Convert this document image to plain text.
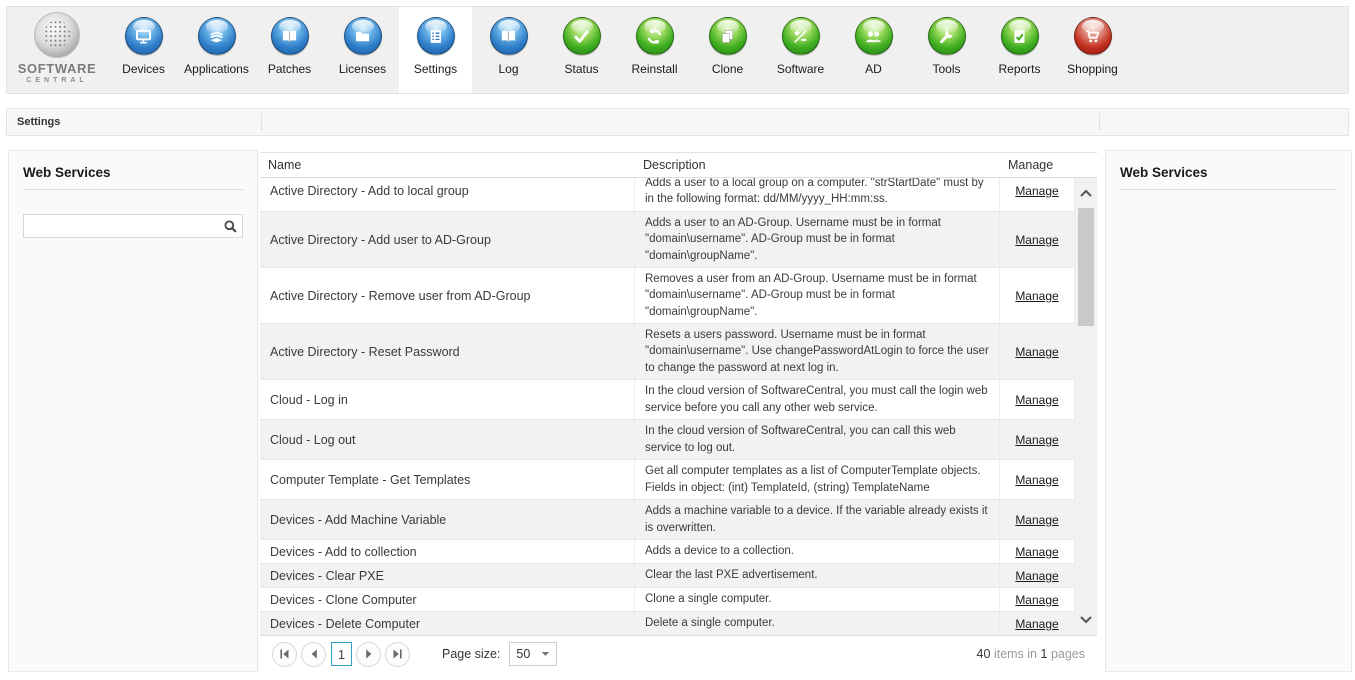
SOFTWARE
CENTRAL
Devices Applications Patches Licenses Settings	Log	Status	Reinstall	Clone	Software	AD	Tools	Reports Shopping
Settings
Web Services	Name	Description	Manage
Active Directory - Add to local group
Adds a user to a local group on a computer. "strStartDate" must by in the following format: dd/MM/yyyy_HH:mm:ss.
Manage
Active Directory - Add user to AD-Group
Adds a user to an AD-Group. Username must be in format "domain\username". AD-Group must be in format "domain\groupName".
Manage
Active Directory - Remove user from AD-Group
Removes a user from an AD-Group. Username must be in format "domain\username". AD-Group must be in format "domain\groupName".
Manage
Active Directory - Reset Password
Resets a users password. Username must be in format "domain\username". Use changePasswordAtLogin to force the user to change the password at next log in.
Manage
Cloud - Log in
In the cloud version of SoftwareCentral, you must call the login web service before you call any other web service.
Manage
Cloud - Log out
In the cloud version of SoftwareCentral, you can call this web service to log out.
Manage
Computer Template - Get Templates
Get all computer templates as a list of ComputerTemplate objects. Fields in object: (int) TemplateId, (string) TemplateName
Manage
Devices - Add Machine Variable
Adds a machine variable to a device. If the variable already exists it is overwritten.
Manage
Devices - Add to collection	Adds a device to a collection.	Manage
Devices - Clear PXE	Clear the last PXE advertisement.	Manage
Devices - Clone Computer	Clone a single computer.	Manage
Devices - Delete Computer	Delete a single computer.	Manage
1	Page size: 50	40 items in 1 pages
Web Services
